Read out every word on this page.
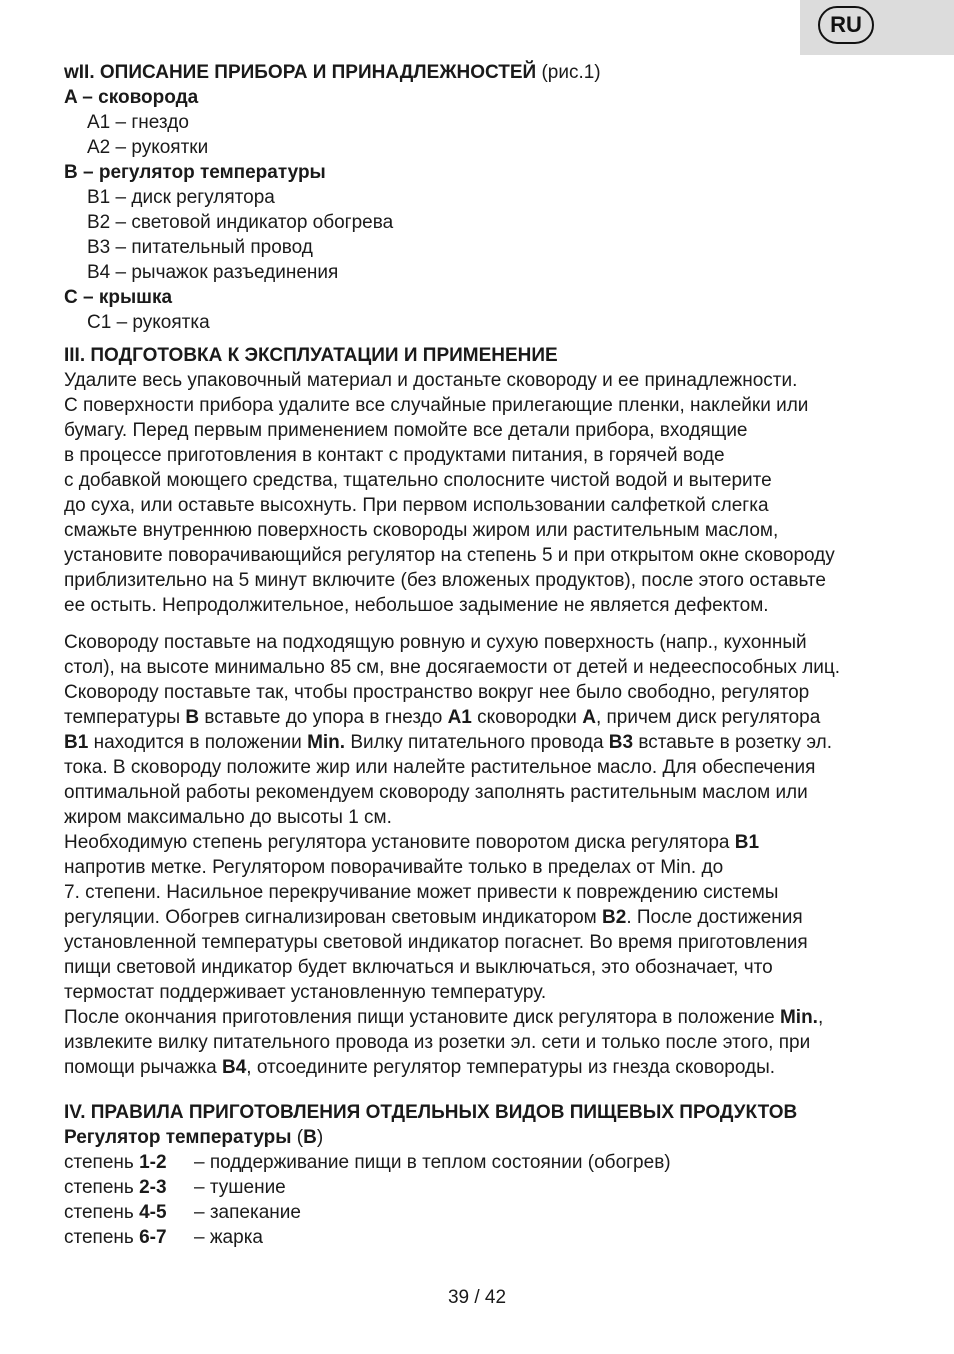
RU
wII. ОПИСАНИЕ ПРИБОРА И ПРИНАДЛЕЖНОСТЕЙ (рис.1)
A – сковорода
A1 – гнездо
A2 – рукоятки
B – регулятор температуры
B1 – диск регулятора
B2 – световой индикатор обогрева
B3 – питательный провод
B4 – рычажок разъединения
C – крышка
C1 – рукоятка
III. ПОДГОТОВКА К ЭКСПЛУАТАЦИИ И ПРИМЕНЕНИЕ
Удалите весь упаковочный материал и достаньте сковороду и ее принадлежности.
С поверхности прибора удалите все случайные прилегающие пленки, наклейки или
бумагу. Перед первым применением помойте все детали прибора, входящие
в процессе приготовления в контакт с продуктами питания, в горячей воде
с добавкой моющего средства, тщательно сполосните чистой водой и вытерите
до суха, или оставьте высохнуть. При первом использовании салфеткой слегка
смажьте внутреннюю поверхность сковороды жиром или растительным маслом,
установите поворачивающийся регулятор на степень 5 и при открытом окне сковороду
приблизительно на 5 минут включите (без вложеных продуктов), после этого оставьте
ее остыть. Непродолжительное, небольшое задымение не является дефектом.
Сковороду поставьте на подходящую ровную и сухую поверхность (напр., кухонный
стол), на высоте минимально 85 см, вне досягаемости от детей и недееспособных лиц.
Сковороду поставьте так, чтобы пространство вокруг нее было свободно, регулятор
температуры B вставьте до упора в гнездо A1 сковородки A, причем диск регулятора
B1 находится в положении Min. Вилку питательного провода B3 вставьте в розетку эл.
тока. В сковороду положите жир или налейте растительное масло. Для обеспечения
оптимальной работы рекомендуем сковороду заполнять растительным маслом или
жиром максимально до высоты 1 см.
Необходимую степень регулятора установите поворотом диска регулятора B1
напротив метке. Регулятором поворачивайте только в пределах от Min. до
7. степени. Насильное перекручивание может привести к повреждению системы
регуляции. Обогрев сигнализирован световым индикатором B2. После достижения
установленной температуры световой индикатор погаснет. Во время приготовления
пищи световой индикатор будет включаться и выключаться, это обозначает, что
термостат поддерживает установленную температуру.
После окончания приготовления пищи установите диск регулятора в положение Min.,
извлеките вилку питательного провода из розетки эл. сети и только после этого, при
помощи рычажка B4, отсоедините регулятор температуры из гнезда сковороды.
IV. ПРАВИЛА ПРИГОТОВЛЕНИЯ ОТДЕЛЬНЫХ ВИДОВ ПИЩЕВЫХ ПРОДУКТОВ
Регулятор температуры (B)
степень 1-2	– поддерживание пищи в теплом состоянии (обогрев)
степень 2-3	– тушение
степень 4-5	– запекание
степень 6-7	– жарка
39 / 42
